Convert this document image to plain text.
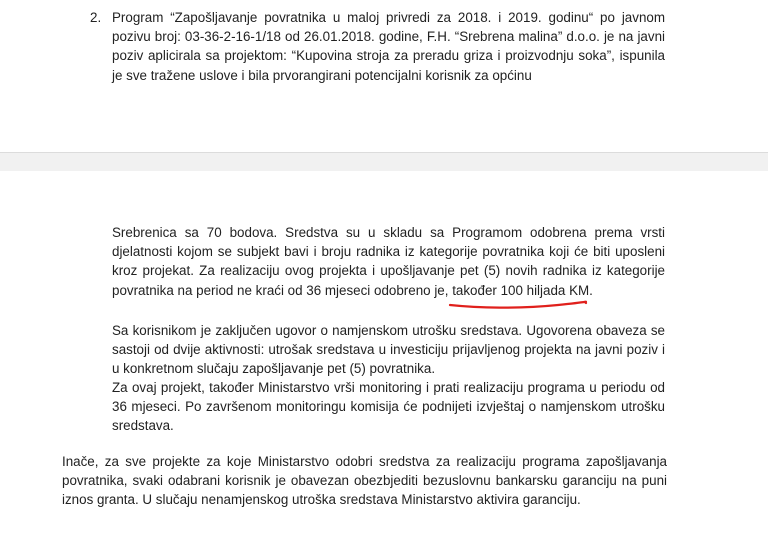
2. Program “Zapošljavanje povratnika u maloj privredi za 2018. i 2019. godinu“ po javnom pozivu broj: 03-36-2-16-1/18 od 26.01.2018. godine, F.H. “Srebrena malina” d.o.o. je na javni poziv aplicirala sa projektom: “Kupovina stroja za preradu griza i proizvodnju soka”, ispunila je sve tražene uslove i bila prvorangirani potencijalni korisnik za općinu

Srebrenica sa 70 bodova. Sredstva su u skladu sa Programom odobrena prema vrsti djelatnosti kojom se subjekt bavi i broju radnika iz kategorije povratnika koji će biti uposleni kroz projekat. Za realizaciju ovog projekta i upošljavanje pet (5) novih radnika iz kategorije povratnika na period ne kraći od 36 mjeseci odobreno je, također 100 hiljada
KM.

Sa korisnikom je zaključen ugovor o namjenskom utrošku sredstava. Ugovorena obaveza se sastoji od dvije aktivnosti: utrošak sredstava u investiciju prijavljenog projekta na javni poziv i u konkretnom slučaju zapošljavanje pet (5) povratnika.

Za ovaj projekt, također Ministarstvo vrši monitoring i prati realizaciju programa u periodu od 36 mjeseci. Po završenom monitoringu komisija će podnijeti izvještaj o namjenskom utrošku sredstava.

Inače, za sve projekte za koje Ministarstvo odobri sredstva za realizaciju programa zapošljavanja povratnika, svaki odabrani korisnik je obavezan obezbjediti bezuslovnu bankarsku garanciju na puni iznos granta. U slučaju nenamjenskog utroška sredstava Ministarstvo aktivira garanciju.
